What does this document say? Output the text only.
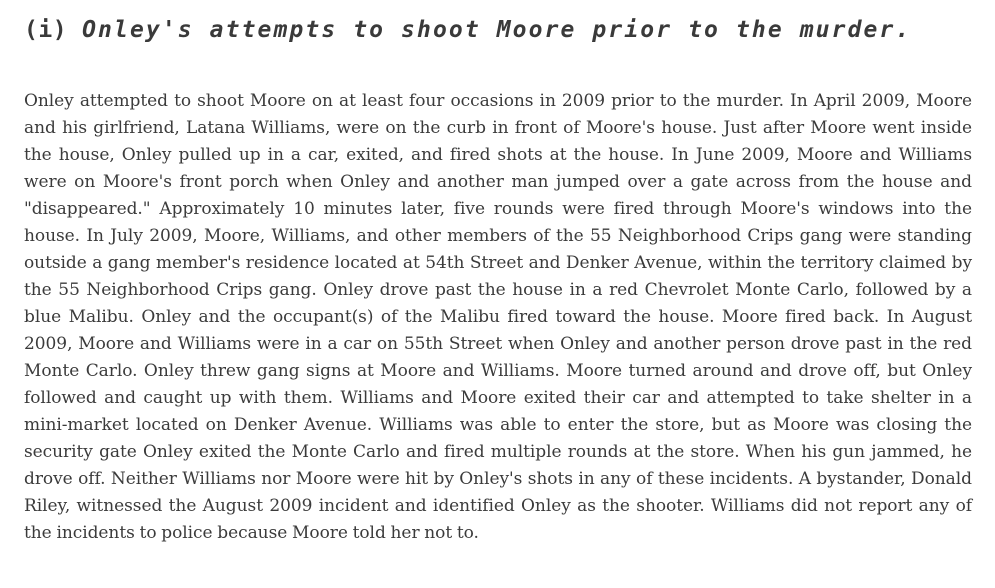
(i) Onley's attempts to shoot Moore prior to the murder.

Onley attempted to shoot Moore on at least four occasions in 2009 prior to the murder. In April 2009, Moore and his girlfriend, Latana Williams, were on the curb in front of Moore's house. Just after Moore went inside the house, Onley pulled up in a car, exited, and fired shots at the house. In June 2009, Moore and Williams were on Moore's front porch when Onley and another man jumped over a gate across from the house and "disappeared." Approximately 10 minutes later, five rounds were fired through Moore's windows into the house. In July 2009, Moore, Williams, and other members of the 55 Neighborhood Crips gang were standing outside a gang member's residence located at 54th Street and Denker Avenue, within the territory claimed by the 55 Neighborhood Crips gang. Onley drove past the house in a red Chevrolet Monte Carlo, followed by a blue Malibu. Onley and the occupant(s) of the Malibu fired toward the house. Moore fired back. In August 2009, Moore and Williams were in a car on 55th Street when Onley and another person drove past in the red Monte Carlo. Onley threw gang signs at Moore and Williams. Moore turned around and drove off, but Onley followed and caught up with them. Williams and Moore exited their car and attempted to take shelter in a mini-market located on Denker Avenue. Williams was able to enter the store, but as Moore was closing the security gate Onley exited the Monte Carlo and fired multiple rounds at the store. When his gun jammed, he drove off. Neither Williams nor Moore were hit by Onley's shots in any of these incidents. A bystander, Donald Riley, witnessed the August 2009 incident and identified Onley as the shooter. Williams did not report any of the incidents to police because Moore told her not to.
